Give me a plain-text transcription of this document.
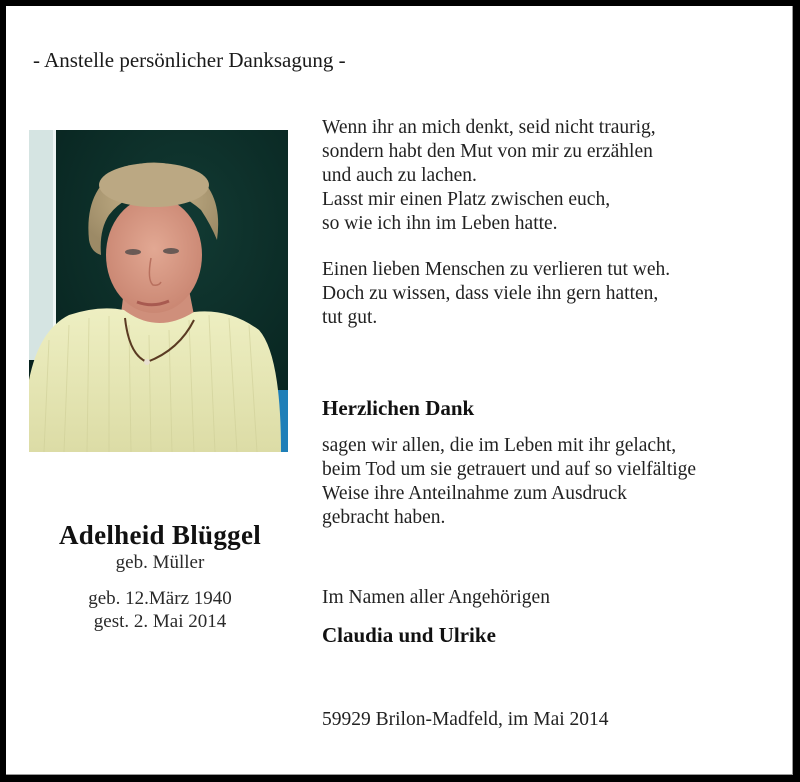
- Anstelle persönlicher Danksagung -
Adelheid Blüggel
geb. Müller
geb. 12.März 1940
gest. 2. Mai 2014
Wenn ihr an mich denkt, seid nicht traurig,
sondern habt den Mut von mir zu erzählen
und auch zu lachen.
Lasst mir einen Platz zwischen euch,
so wie ich ihn im Leben hatte.
Einen lieben Menschen zu verlieren tut weh.
Doch zu wissen, dass viele ihn gern hatten,
tut gut.
Herzlichen Dank
sagen wir allen, die im Leben mit ihr gelacht,
beim Tod um sie getrauert und auf so vielfältige
Weise ihre Anteilnahme zum Ausdruck
gebracht haben.
Im Namen aller Angehörigen
Claudia und Ulrike
59929 Brilon-Madfeld, im Mai 2014
